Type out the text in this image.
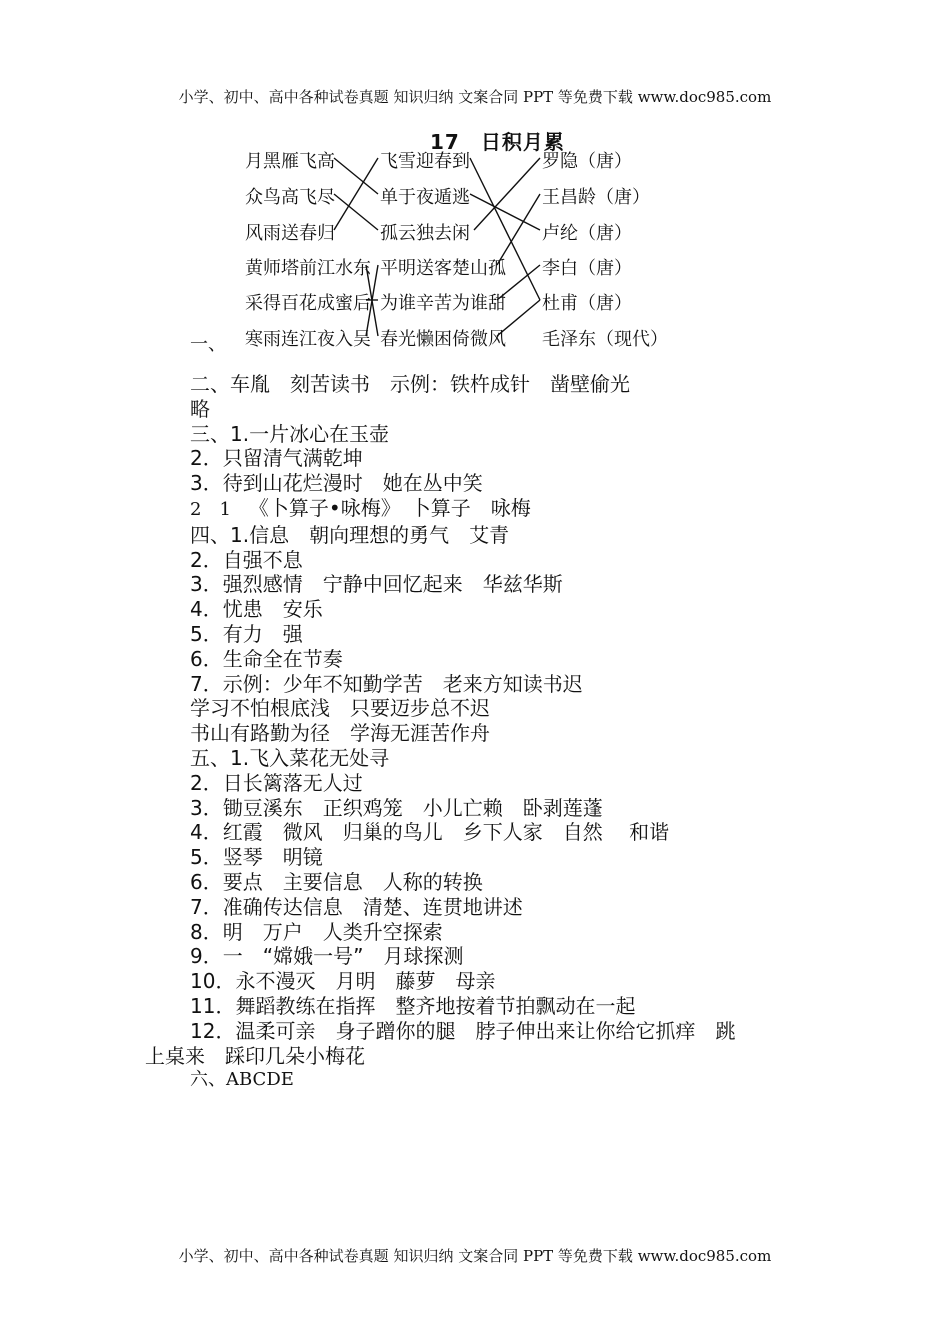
小学、初中、高中各种试卷真题 知识归纳 文案合同 PPT 等免费下载 www.doc985.com
17　日积月累
月黑雁飞高
众鸟高飞尽
风雨送春归
黄师塔前江水东
采得百花成蜜后
寒雨连江夜入吴
飞雪迎春到
单于夜遁逃
孤云独去闲
平明送客楚山孤
为谁辛苦为谁甜
春光懒困倚微风
罗隐（唐）
王昌龄（唐）
卢纶（唐）
李白（唐）
杜甫（唐）
毛泽东（现代）
一、
二、车胤　刻苦读书　示例：铁杵成针　凿壁偷光
略
三、1.一片冰心在玉壶
2．只留清气满乾坤
3．待到山花烂漫时　她在丛中笑
2　1 《卜算子•咏梅》　卜算子　咏梅
四、1.信息　朝向理想的勇气　艾青
2．自强不息
3．强烈感情　宁静中回忆起来　华兹华斯
4．忧患　安乐
5．有力　强
6．生命全在节奏
7．示例：少年不知勤学苦　老来方知读书迟
学习不怕根底浅　只要迈步总不迟
书山有路勤为径　学海无涯苦作舟
五、1.飞入菜花无处寻
2．日长篱落无人过
3．锄豆溪东　正织鸡笼　小儿亡赖　卧剥莲蓬
4．红霞　微风　归巢的鸟儿　乡下人家　自然　 和谐
5．竖琴　明镜
6．要点　主要信息　人称的转换
7．准确传达信息　清楚、连贯地讲述
8．明　万户　人类升空探索
9．一　“嫦娥一号”　月球探测
10．永不漫灭　月明　藤萝　母亲
11．舞蹈教练在指挥　整齐地按着节拍飘动在一起
12．温柔可亲　身子蹭你的腿　脖子伸出来让你给它抓痒　跳
上桌来　踩印几朵小梅花
六、ABCDE
小学、初中、高中各种试卷真题 知识归纳 文案合同 PPT 等免费下载 www.doc985.com
